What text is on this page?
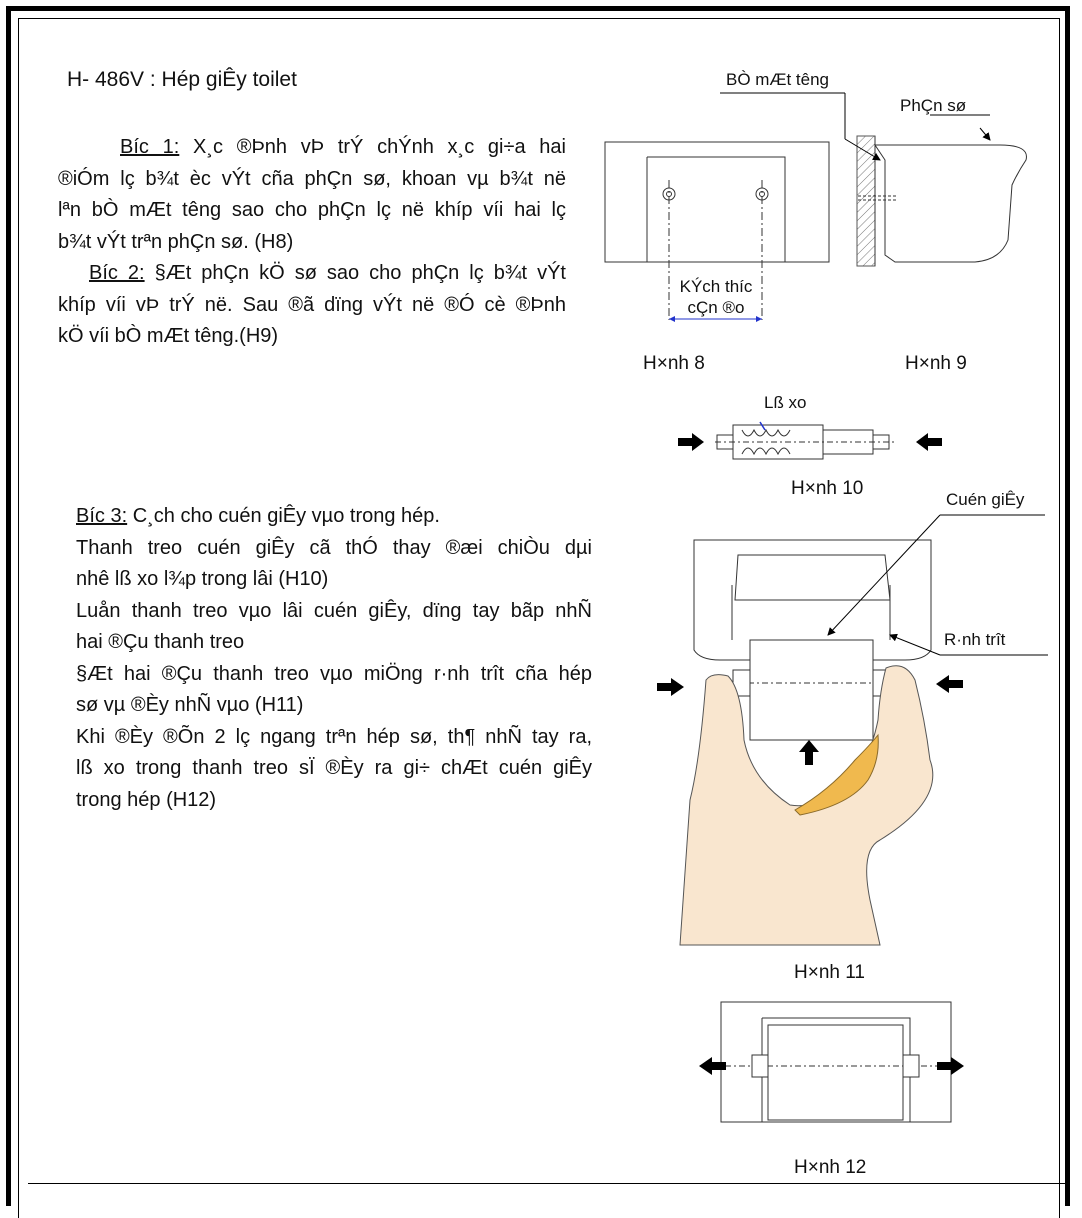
H- 486V : Hép giÊy toilet
Bíc 1: X¸c ®Þnh vÞ trÝ chÝnh x¸c gi÷a hai
®iÓm lç b¾t èc vÝt cña phÇn sø, khoan vµ b¾t në
lªn bÒ mÆt têng sao cho phÇn lç në khíp víi hai lç
b¾t vÝt trªn phÇn sø. (H8)
Bíc 2: §Æt phÇn kÖ sø sao cho phÇn lç b¾t vÝt
khíp víi vÞ trÝ në. Sau ®ã dïng vÝt në ®Ó cè ®Þnh
kÖ víi bÒ mÆt têng.(H9)
Bíc 3: C¸ch cho cuén giÊy vµo trong hép.
Thanh treo cuén giÊy cã thÓ thay ®æi chiÒu dµi
nhê lß xo l¾p trong lâi (H10)
Luån thanh treo vµo lâi cuén giÊy, dïng tay bãp nhÑ
hai ®Çu thanh treo
§Æt hai ®Çu thanh treo vµo miÖng r·nh trît cña hép
sø vµ ®Èy nhÑ vµo (H11)
Khi ®Èy ®Õn 2 lç ngang trªn hép sø, th¶ nhÑ tay ra,
lß xo trong thanh treo sÏ ®Èy ra gi÷ chÆt cuén giÊy
trong hép (H12)
BÒ mÆt têng
PhÇn sø
KÝch thíc
cÇn ®o
H×nh 8	H×nh 9
Lß xo
H×nh 10
Cuén giÊy
R·nh trît
H×nh 11
H×nh 12
